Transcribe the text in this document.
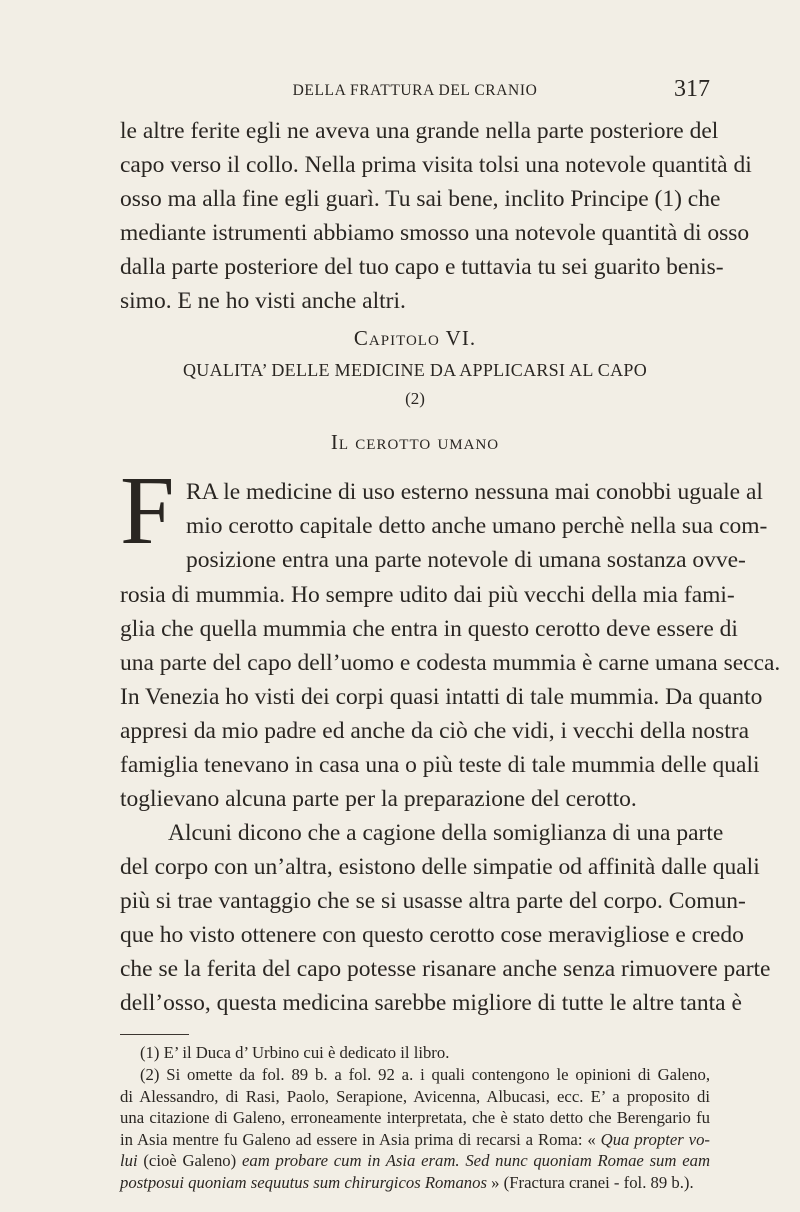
DELLA FRATTURA DEL CRANIO	317
le altre ferite egli ne aveva una grande nella parte posteriore del
capo verso il collo. Nella prima visita tolsi una notevole quantità di
osso ma alla fine egli guarì. Tu sai bene, inclito Principe (1) che
mediante istrumenti abbiamo smosso una notevole quantità di osso
dalla parte posteriore del tuo capo e tuttavia tu sei guarito benis-
simo. E ne ho visti anche altri.
Capitolo VI.
QUALITA’ DELLE MEDICINE DA APPLICARSI AL CAPO
(2)
Il cerotto umano
F RA le medicine di uso esterno nessuna mai conobbi uguale al
mio cerotto capitale detto anche umano perchè nella sua com-
posizione entra una parte notevole di umana sostanza ovve-
rosia di mummia. Ho sempre udito dai più vecchi della mia fami-
glia che quella mummia che entra in questo cerotto deve essere di
una parte del capo dell’uomo e codesta mummia è carne umana secca.
In Venezia ho visti dei corpi quasi intatti di tale mummia. Da quanto
appresi da mio padre ed anche da ciò che vidi, i vecchi della nostra
famiglia tenevano in casa una o più teste di tale mummia delle quali
toglievano alcuna parte per la preparazione del cerotto.
Alcuni dicono che a cagione della somiglianza di una parte
del corpo con un’altra, esistono delle simpatie od affinità dalle quali
più si trae vantaggio che se si usasse altra parte del corpo. Comun-
que ho visto ottenere con questo cerotto cose meravigliose e credo
che se la ferita del capo potesse risanare anche senza rimuovere parte
dell’osso, questa medicina sarebbe migliore di tutte le altre tanta è
(1) E’ il Duca d’ Urbino cui è dedicato il libro.
(2) Si omette da fol. 89 b. a fol. 92 a. i quali contengono le opinioni di Galeno,
di Alessandro, di Rasi, Paolo, Serapione, Avicenna, Albucasi, ecc. E’ a proposito di
una citazione di Galeno, erroneamente interpretata, che è stato detto che Berengario fu
in Asia mentre fu Galeno ad essere in Asia prima di recarsi a Roma: « Qua propter vo-
lui (cioè Galeno) eam probare cum in Asia eram. Sed nunc quoniam Romae sum eam
postposui quoniam sequutus sum chirurgicos Romanos » (Fractura cranei - fol. 89 b.).
